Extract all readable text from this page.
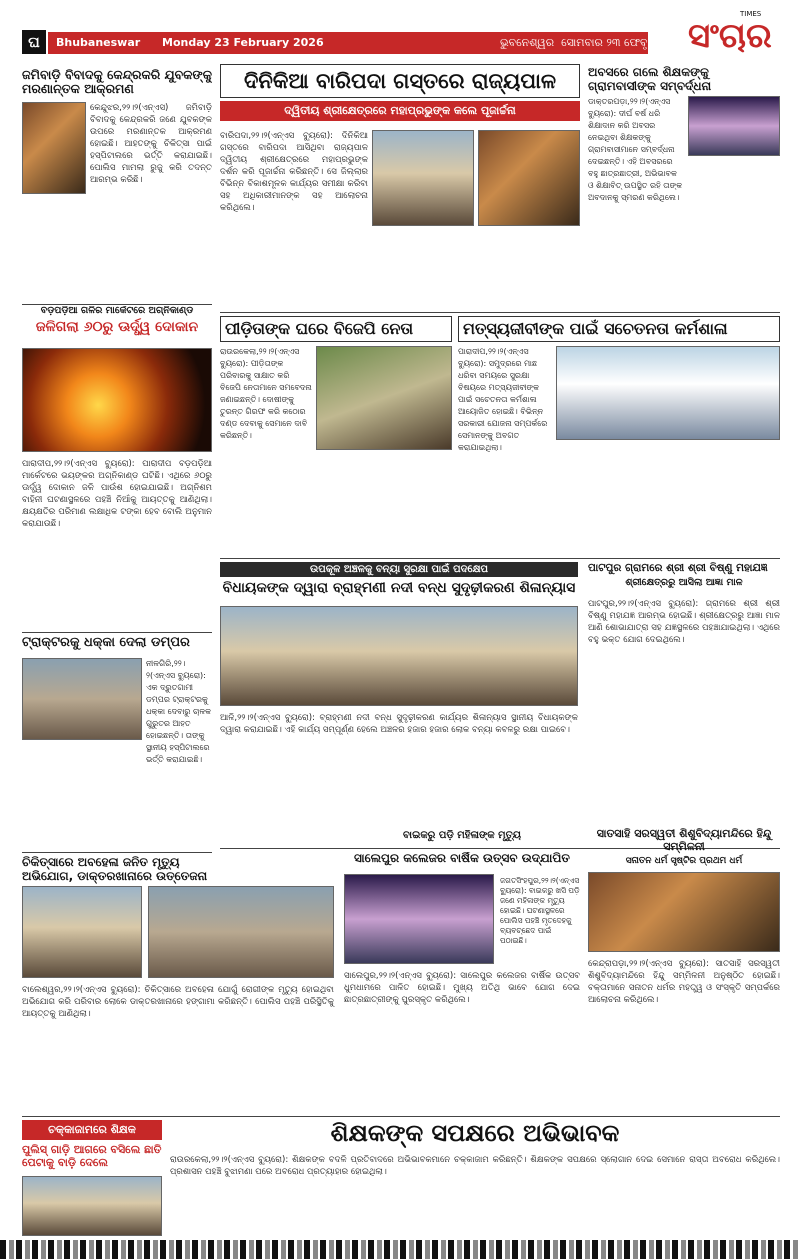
ଘ	Bhubaneswar Monday 23 February 2026	ଭୁବନେଶ୍ୱର ସୋମବାର ୨୩ ଫେବୃଆରୀ ୨୦୨୬
TIMES
ସଂଚାର
ଜମିବାଡ଼ି ବିବାଦକୁ କେନ୍ଦ୍ରକରି ଯୁବକଙ୍କୁ ମରଣାନ୍ତକ ଆକ୍ରମଣ
କେନ୍ଦୁଝର,୨୨।୨(ଏନ୍‌ଏସ) ଜମିବାଡ଼ି ବିବାଦକୁ କେନ୍ଦ୍ରକରି ଜଣେ ଯୁବକଙ୍କ ଉପରେ ମରଣାନ୍ତକ ଆକ୍ରମଣ ହୋଇଛି। ଆହତଙ୍କୁ ଚିକିତ୍ସା ପାଇଁ ହସ୍ପିଟାଲରେ ଭର୍ତ୍ତି କରାଯାଇଛି। ପୋଲିସ ମାମଲା ରୁଜୁ କରି ତଦନ୍ତ ଆରମ୍ଭ କରିଛି।
ବଡ଼ପଡ଼ିଆ ଗଳିର ମାର୍କେଟରେ ଅଗ୍ନିକାଣ୍ଡ
ଜଳିଗଲା ୬୦ରୁ ଊର୍ଦ୍ଧ୍ୱ ଦୋକାନ
ପାରାଦୀପ,୨୨।୨(ଏନ୍‌ଏସ ବ୍ୟୁରୋ): ପାରାଦୀପ ବଡ଼ପଡ଼ିଆ ମାର୍କେଟରେ ଭୟଙ୍କର ଅଗ୍ନିକାଣ୍ଡ ଘଟିଛି। ଏଥିରେ ୬୦ରୁ ଊର୍ଦ୍ଧ୍ୱ ଦୋକାନ ଜଳି ପାଉଁଶ ହୋଇଯାଇଛି। ଅଗ୍ନିଶମ ବାହିନୀ ଘଟଣାସ୍ଥଳରେ ପହଞ୍ଚି ନିଆଁକୁ ଆୟତ୍ତକୁ ଆଣିଥିଲା। କ୍ଷୟକ୍ଷତିର ପରିମାଣ ଲକ୍ଷାଧିକ ଟଙ୍କା ହେବ ବୋଲି ଅନୁମାନ କରାଯାଉଛି।
ଟ୍ରାକ୍ଟରକୁ ଧକ୍କା ଦେଲା ଡମ୍ପର
ନୀଳଗିରି,୨୨।୨(ଏନ୍‌ଏସ ବ୍ୟୁରୋ): ଏକ ଦ୍ରୁତଗାମୀ ଡମ୍ପର ଟ୍ରାକ୍ଟରକୁ ଧକ୍କା ଦେବାରୁ ଚାଳକ ଗୁରୁତର ଆହତ ହୋଇଛନ୍ତି। ତାଙ୍କୁ ସ୍ଥାନୀୟ ହସ୍ପିଟାଲରେ ଭର୍ତ୍ତି କରାଯାଇଛି।
ଚିକିତ୍ସାରେ ଅବହେଳା ଜନିତ ମୃତ୍ୟୁ ଅଭିଯୋଗ, ଡାକ୍ତରଖାନାରେ ଉତ୍ତେଜନା
ବାଲେଶ୍ୱର,୨୨।୨(ଏନ୍‌ଏସ ବ୍ୟୁରୋ): ଚିକିତ୍ସାରେ ଅବହେଳା ଯୋଗୁଁ ରୋଗୀଙ୍କ ମୃତ୍ୟୁ ହୋଇଥିବା ଅଭିଯୋଗ କରି ପରିବାର ଲୋକେ ଡାକ୍ତରଖାନାରେ ହଙ୍ଗାମା କରିଛନ୍ତି। ପୋଲିସ ପହଞ୍ଚି ପରିସ୍ଥିତିକୁ ଆୟତ୍ତକୁ ଆଣିଥିଲା।
ଦିନିକିଆ ବାରିପଦା ଗସ୍ତରେ ରାଜ୍ୟପାଳ
ଦ୍ୱିତୀୟ ଶ୍ରୀକ୍ଷେତ୍ରରେ ମହାପ୍ରଭୁଙ୍କ କଲେ ପୂଜାର୍ଚ୍ଚନା
ବାରିପଦା,୨୨।୨(ଏନ୍‌ଏସ ବ୍ୟୁରୋ): ଦିନିକିଆ ଗସ୍ତରେ ବାରିପଦା ଆସିଥିବା ରାଜ୍ୟପାଳ ଦ୍ୱିତୀୟ ଶ୍ରୀକ୍ଷେତ୍ରରେ ମହାପ୍ରଭୁଙ୍କ ଦର୍ଶନ କରି ପୂଜାର୍ଚ୍ଚନା କରିଛନ୍ତି। ସେ ଜିଲ୍ଲାର ବିଭିନ୍ନ ବିକାଶମୂଳକ କାର୍ଯ୍ୟର ସମୀକ୍ଷା କରିବା ସହ ଅଧିକାରୀମାନଙ୍କ ସହ ଆଲୋଚନା କରିଥିଲେ।
ଅବସରେ ଗଲେ ଶିକ୍ଷକଙ୍କୁ ଗ୍ରାମବାସୀଙ୍କ ସମ୍ବର୍ଦ୍ଧନା
ଡାକ୍ତରପଡ଼ା,୨୨।୨(ଏନ୍‌ଏସ ବ୍ୟୁରୋ): ଦୀର୍ଘ ବର୍ଷ ଧରି ଶିକ୍ଷାଦାନ କରି ଅବସର ନେଇଥିବା ଶିକ୍ଷକଙ୍କୁ ଗ୍ରାମବାସୀମାନେ ସମ୍ବର୍ଦ୍ଧନା ଦେଇଛନ୍ତି। ଏହି ଅବସରରେ ବହୁ ଛାତ୍ରଛାତ୍ରୀ, ଅଭିଭାବକ ଓ ଶିକ୍ଷାବିତ୍ ଉପସ୍ଥିତ ରହି ତାଙ୍କ ଅବଦାନକୁ ସ୍ମରଣ କରିଥିଲେ।
ପୀଡ଼ିତାଙ୍କ ଘରେ ବିଜେପି ନେତା
ରାଉରକେଲା,୨୨।୨(ଏନ୍‌ଏସ ବ୍ୟୁରୋ): ପୀଡ଼ିତାଙ୍କ ପରିବାରକୁ ସାକ୍ଷାତ କରି ବିଜେପି ନେତାମାନେ ସମବେଦନା ଜଣାଇଛନ୍ତି। ଦୋଷୀଙ୍କୁ ତୁରନ୍ତ ଗିରଫ କରି କଠୋର ଦଣ୍ଡ ଦେବାକୁ ସେମାନେ ଦାବି କରିଛନ୍ତି।
ମତ୍ସ୍ୟଜୀବୀଙ୍କ ପାଇଁ ସଚେତନତା କର୍ମଶାଳା
ପାରାଦୀପ,୨୨।୨(ଏନ୍‌ଏସ ବ୍ୟୁରୋ): ସମୁଦ୍ରରେ ମାଛ ଧରିବା ସମୟରେ ସୁରକ୍ଷା ବିଷୟରେ ମତ୍ସ୍ୟଜୀବୀଙ୍କ ପାଇଁ ସଚେତନତା କର୍ମଶାଳା ଆୟୋଜିତ ହୋଇଛି। ବିଭିନ୍ନ ସରକାରୀ ଯୋଜନା ସମ୍ପର୍କରେ ସେମାନଙ୍କୁ ଅବଗତ କରାଯାଇଥିଲା।
ଉପକୂଳ ଅଞ୍ଚଳକୁ ବନ୍ୟା ସୁରକ୍ଷା ପାଇଁ ପଦକ୍ଷେପ
ବିଧାୟକଙ୍କ ଦ୍ୱାରା ବ୍ରାହ୍ମଣୀ ନଦୀ ବନ୍ଧ ସୁଦୃଢ଼ୀକରଣ ଶିଳାନ୍ୟାସ
ଆଳି,୨୨।୨(ଏନ୍‌ଏସ ବ୍ୟୁରୋ): ବ୍ରାହ୍ମଣୀ ନଦୀ ବନ୍ଧ ସୁଦୃଢ଼ୀକରଣ କାର୍ଯ୍ୟର ଶିଳାନ୍ୟାସ ସ୍ଥାନୀୟ ବିଧାୟକଙ୍କ ଦ୍ୱାରା କରାଯାଇଛି। ଏହି କାର୍ଯ୍ୟ ସମ୍ପୂର୍ଣ୍ଣ ହେଲେ ଅଞ୍ଚଳର ହଜାର ହଜାର ଲୋକ ବନ୍ୟା କବଳରୁ ରକ୍ଷା ପାଇବେ।
ପାଟପୁର ଗ୍ରାମରେ ଶ୍ରୀ ଶ୍ରୀ ବିଷ୍ଣୁ ମହାଯଜ୍ଞ
ଶ୍ରୀକ୍ଷେତ୍ରରୁ ଆସିଲା ଆଜ୍ଞା ମାଳ
ପାଟପୁର,୨୨।୨(ଏନ୍‌ଏସ ବ୍ୟୁରୋ): ଗ୍ରାମରେ ଶ୍ରୀ ଶ୍ରୀ ବିଷ୍ଣୁ ମହାଯଜ୍ଞ ଆରମ୍ଭ ହୋଇଛି। ଶ୍ରୀକ୍ଷେତ୍ରରୁ ଆଜ୍ଞା ମାଳ ଆଣି ଶୋଭାଯାତ୍ରା ସହ ଯଜ୍ଞସ୍ଥଳରେ ପହଞ୍ଚାଯାଇଥିଲା। ଏଥିରେ ବହୁ ଭକ୍ତ ଯୋଗ ଦେଇଥିଲେ।
ସାଲେପୁର କଲେଜର ବାର୍ଷିକ ଉତ୍ସବ ଉଦ୍‌ଯାପିତ
ସାଲେପୁର,୨୨।୨(ଏନ୍‌ଏସ ବ୍ୟୁରୋ): ସାଲେପୁର କଲେଜର ବାର୍ଷିକ ଉତ୍ସବ ଧୁମଧାମରେ ପାଳିତ ହୋଇଛି। ମୁଖ୍ୟ ଅତିଥି ଭାବେ ଯୋଗ ଦେଇ ଛାତ୍ରଛାତ୍ରୀଙ୍କୁ ପୁରସ୍କୃତ କରିଥିଲେ।
ସାତସାହି ସରସ୍ୱତୀ ଶିଶୁବିଦ୍ୟାମନ୍ଦିରେ ହିନ୍ଦୁ ସମ୍ମିଳନୀ
ସନାତନ ଧର୍ମ ସୃଷ୍ଟିର ପ୍ରଥମ ଧର୍ମ
କେନ୍ଦ୍ରାପଡ଼ା,୨୨।୨(ଏନ୍‌ଏସ ବ୍ୟୁରୋ): ସାତସାହି ସରସ୍ୱତୀ ଶିଶୁବିଦ୍ୟାମନ୍ଦିରେ ହିନ୍ଦୁ ସମ୍ମିଳନୀ ଅନୁଷ୍ଠିତ ହୋଇଛି। ବକ୍ତାମାନେ ସନାତନ ଧର୍ମର ମହତ୍ତ୍ୱ ଓ ସଂସ୍କୃତି ସମ୍ପର୍କରେ ଆଲୋଚନା କରିଥିଲେ।
ଚକ୍କାଜାମରେ ଶିକ୍ଷକ	ଶିକ୍ଷକଙ୍କ ସପକ୍ଷରେ ଅଭିଭାବକ
ପୁଲିସ୍ ଗାଡ଼ି ଆଗରେ ବସିଲେ ଛାତି ପେଟାକୁ ବାଡ଼ି ଦେଲେ	ରାଉରକେଲା,୨୨।୨(ଏନ୍‌ଏସ ବ୍ୟୁରୋ): ଶିକ୍ଷକଙ୍କ ବଦଳି ପ୍ରତିବାଦରେ ଅଭିଭାବକମାନେ ଚକ୍କାଜାମ କରିଛନ୍ତି। ଶିକ୍ଷକଙ୍କ ସପକ୍ଷରେ ସ୍ଲୋଗାନ ଦେଇ ସେମାନେ ରାସ୍ତା ଅବରୋଧ କରିଥିଲେ। ପ୍ରଶାସନ ପହଞ୍ଚି ବୁଝାମଣା ପରେ ଅବରୋଧ ପ୍ରତ୍ୟାହାର ହୋଇଥିଲା।
ବାଇକରୁ ପଡ଼ି ମହିଳାଙ୍କ ମୃତ୍ୟୁ
ଜଗତସିଂହପୁର,୨୨।୨(ଏନ୍‌ଏସ ବ୍ୟୁରୋ): ବାଇକରୁ ଖସି ପଡ଼ି ଜଣେ ମହିଳାଙ୍କ ମୃତ୍ୟୁ ହୋଇଛି। ଘଟଣାସ୍ଥଳରେ ପୋଲିସ ପହଞ୍ଚି ମୃତଦେହକୁ ବ୍ୟବଚ୍ଛେଦ ପାଇଁ ପଠାଇଛି।
